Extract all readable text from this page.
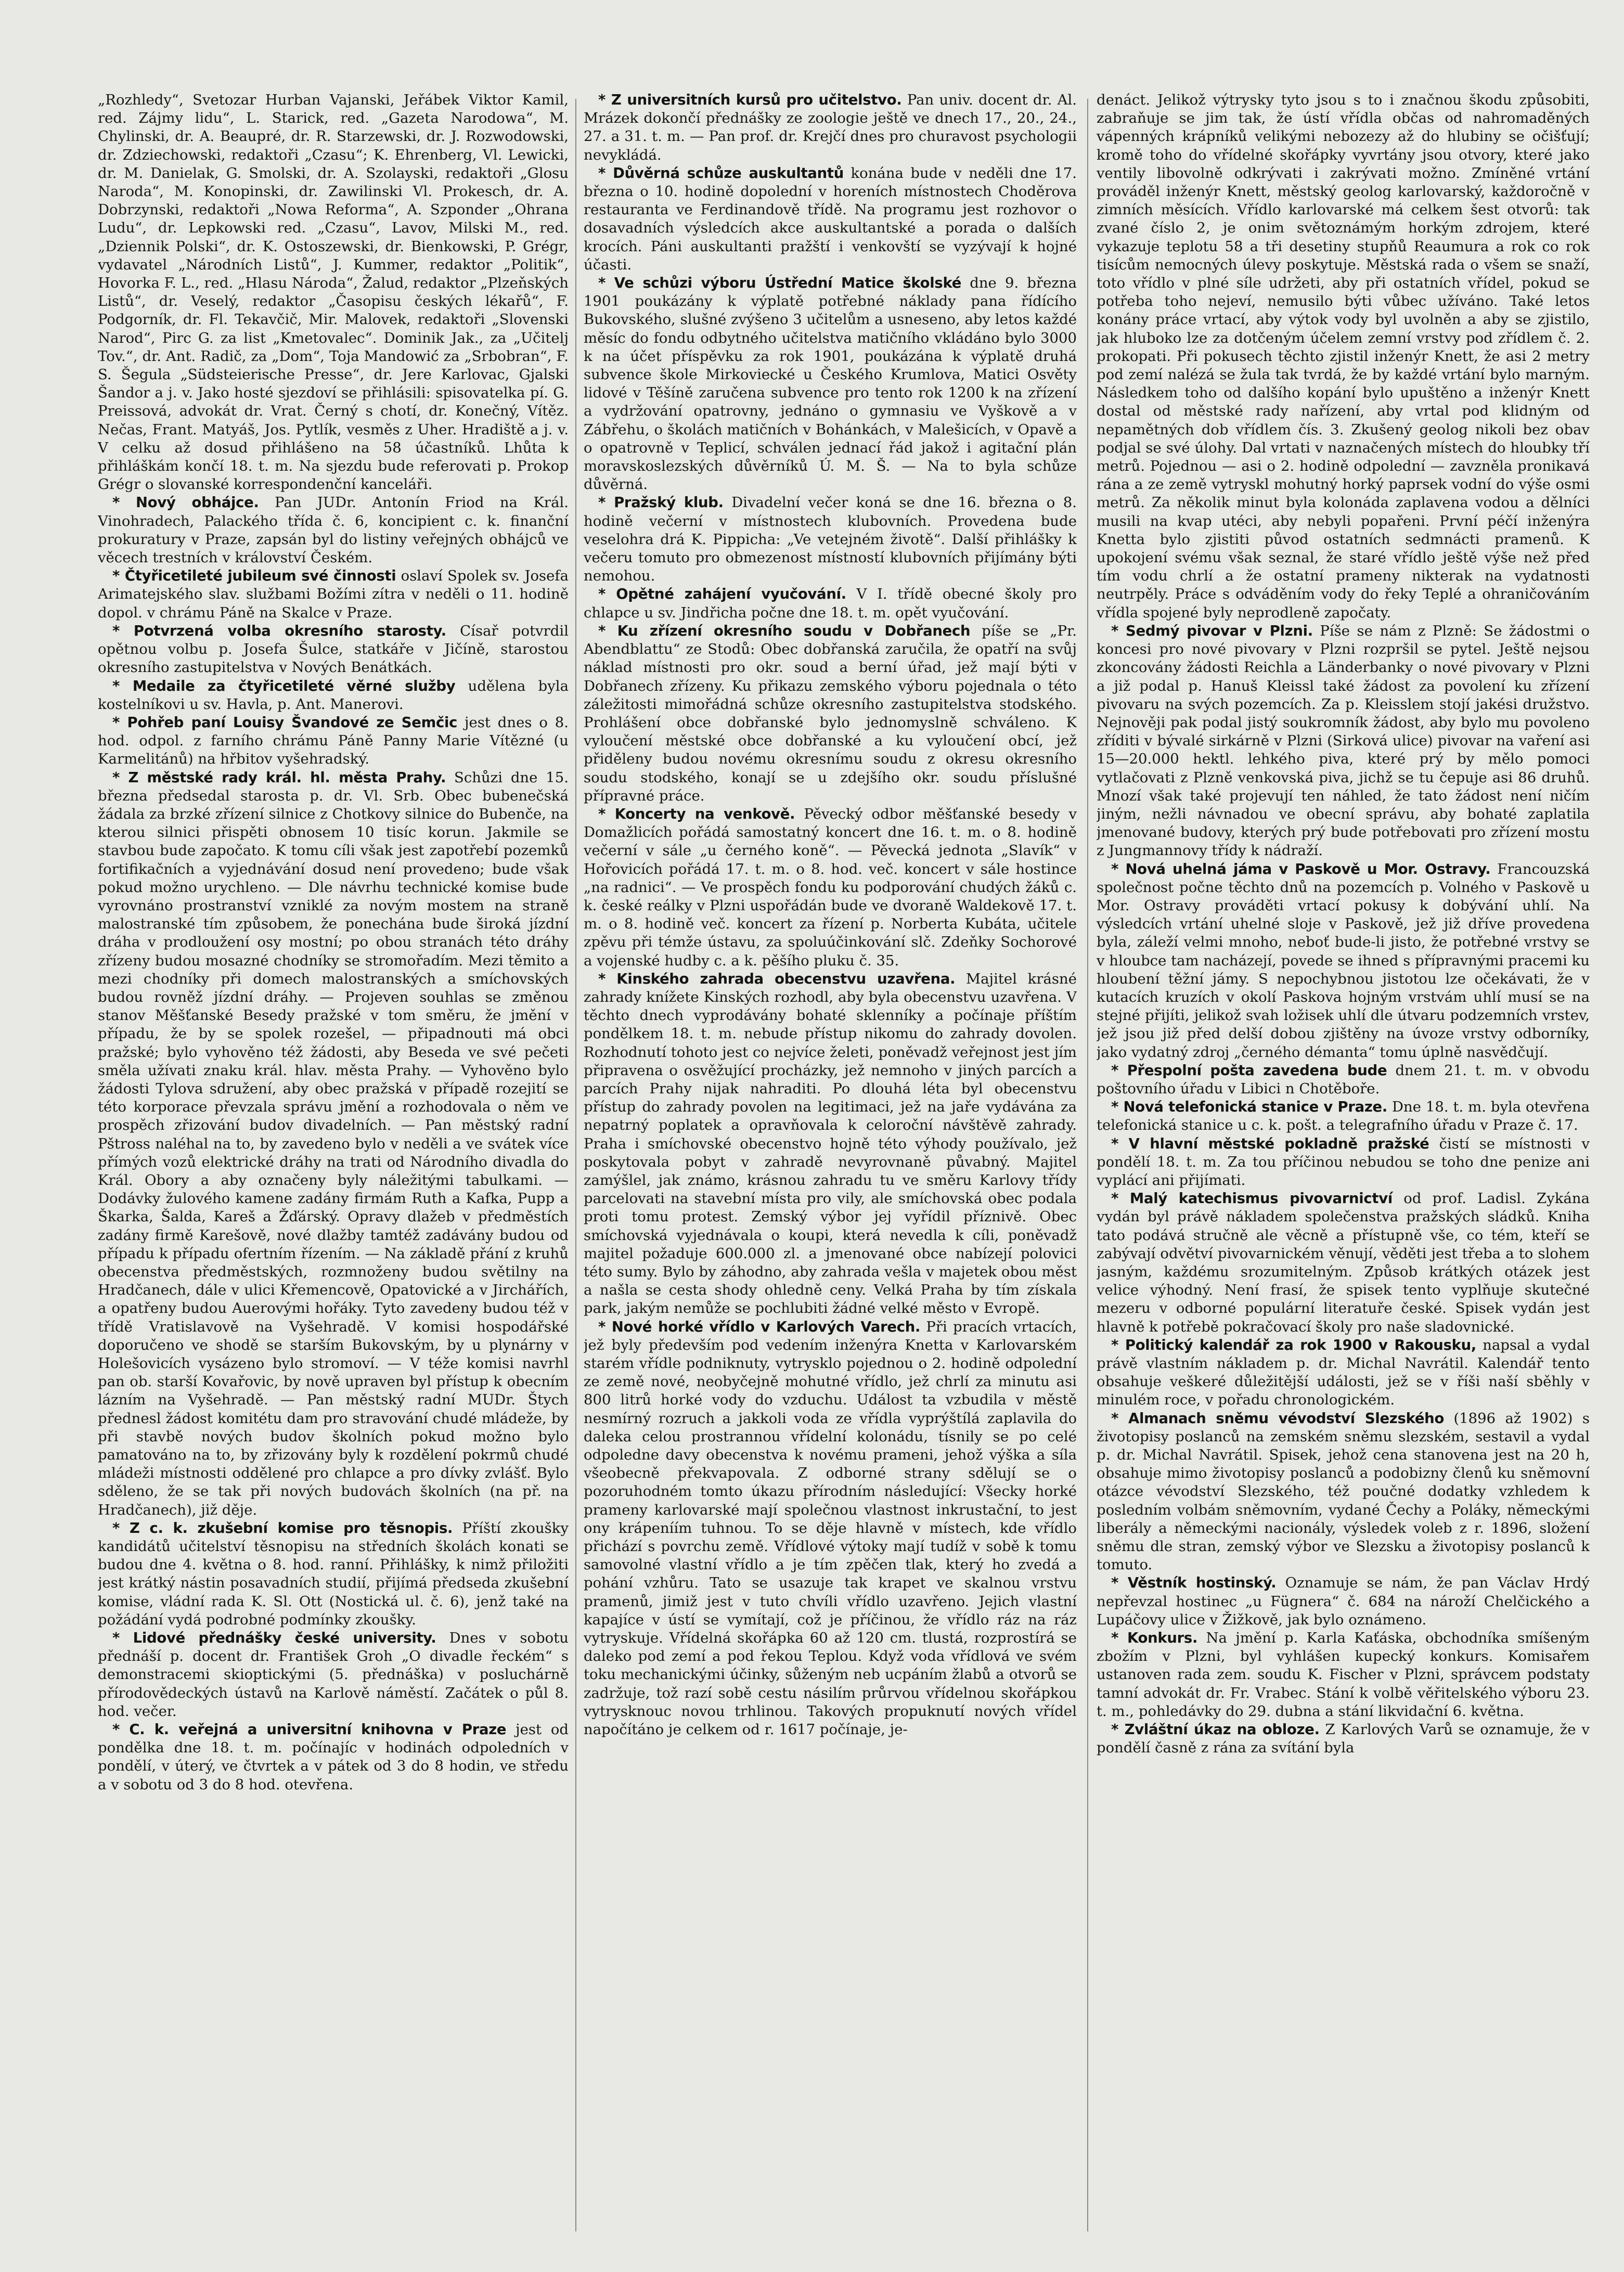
„Rozhledy“, Svetozar Hurban Vajanski, Jeřábek Viktor Kamil, red. Zájmy lidu“, L. Starick, red. „Gazeta Narodowa“, M. Chylinski, dr. A. Beaupré, dr. R. Starzewski, dr. J. Rozwodowski, dr. Zdziechowski, redaktoři „Czasu“; K. Ehrenberg, Vl. Lewicki, dr. M. Danielak, G. Smolski, dr. A. Szolayski, redaktoři „Glosu Naroda“, M. Konopinski, dr. Zawilinski Vl. Prokesch, dr. A. Dobrzynski, redaktoři „Nowa Reforma“, A. Szponder „Ohrana Ludu“, dr. Lepkowski red. „Czasu“, Lavov, Milski M., red. „Dziennik Polski“, dr. K. Ostoszewski, dr. Bienkowski, P. Grégr, vydavatel „Národních Listů“, J. Kummer, redaktor „Politik“, Hovorka F. L., red. „Hlasu Národa“, Žalud, redaktor „Plzeňských Listů“, dr. Veselý, redaktor „Časopisu českých lékařů“, F. Podgorník, dr. Fl. Tekavčič, Mir. Malovek, redaktoři „Slovenski Narod“, Pirc G. za list „Kmetovalec“. Dominik Jak., za „Učitelj Tov.“, dr. Ant. Radič, za „Dom“, Toja Mandowić za „Srbobran“, F. S. Šegula „Südsteierische Presse“, dr. Jere Karlovac, Gjalski Šandor a j. v. Jako hosté sjezdoví se přihlásili: spisovatelka pí. G. Preissová, advokát dr. Vrat. Černý s chotí, dr. Konečný, Vítěz. Nečas, Frant. Matyáš, Jos. Pytlík, vesměs z Uher. Hradiště a j. v. V celku až dosud přihlášeno na 58 účastníků. Lhůta k přihláškám končí 18. t. m. Na sjezdu bude referovati p. Prokop Grégr o slovanské korrespondenční kanceláři.

* Nový obhájce. Pan JUDr. Antonín Friod na Král. Vinohradech, Palackého třída č. 6, koncipient c. k. finanční prokuratury v Praze, zapsán byl do listiny veřejných obhájců ve věcech trestních v království Českém.

* Čtyřicetileté jubileum své činnosti oslaví Spolek sv. Josefa Arimatejského slav. službami Božími zítra v neděli o 11. hodině dopol. v chrámu Páně na Skalce v Praze.

* Potvrzená volba okresního starosty. Císař potvrdil opětnou volbu p. Josefa Šulce, statkáře v Jičíně, starostou okresního zastupitelstva v Nových Benátkách.

* Medaile za čtyřicetileté věrné služby udělena byla kostelníkovi u sv. Havla, p. Ant. Manerovi.

* Pohřeb paní Louisy Švandové ze Semčic jest dnes o 8. hod. odpol. z farního chrámu Páně Panny Marie Vítězné (u Karmelitánů) na hřbitov vyšehradský.

* Z městské rady král. hl. města Prahy. Schůzi dne 15. března předsedal starosta p. dr. Vl. Srb. Obec bubenečská žádala za brzké zřízení silnice z Chotkovy silnice do Bubenče, na kterou silnici přispěti obnosem 10 tisíc korun. Jakmile se stavbou bude započato. K tomu cíli však jest zapotřebí pozemků fortifikačních a vyjednávání dosud není provedeno; bude však pokud možno urychleno. — Dle návrhu technické komise bude vyrovnáno prostranství vzniklé za novým mostem na straně malostranské tím způsobem, že ponechána bude široká jízdní dráha v prodloužení osy mostní; po obou stranách této dráhy zřízeny budou mosazné chodníky se stromořadím. Mezi těmito a mezi chodníky při domech malostranských a smíchovských budou rovněž jízdní dráhy. — Projeven souhlas se změnou stanov Měšťanské Besedy pražské v tom směru, že jmění v případu, že by se spolek rozešel, — připadnouti má obci pražské; bylo vyhověno též žádosti, aby Beseda ve své pečeti směla užívati znaku král. hlav. města Prahy. — Vyhověno bylo žádosti Tylova sdružení, aby obec pražská v případě rozejití se této korporace převzala správu jmění a rozhodovala o něm ve prospěch zřizování budov divadelních. — Pan městský radní Pštross naléhal na to, by zavedeno bylo v neděli a ve svátek více přímých vozů elektrické dráhy na trati od Národního divadla do Král. Obory a aby označeny byly náležitými tabulkami. — Dodávky žulového kamene zadány firmám Ruth a Kafka, Pupp a Škarka, Šalda, Kareš a Žďárský. Opravy dlažeb v předměstích zadány firmě Karešově, nové dlažby tamtéž zadávány budou od případu k případu ofertním řízením. — Na základě přání z kruhů obecenstva předměstských, rozmnoženy budou světilny na Hradčanech, dále v ulici Křemencově, Opatovické a v Jirchářích, a opatřeny budou Auerovými hořáky. Tyto zavedeny budou též v třídě Vratislavově na Vyšehradě. V komisi hospodářské doporučeno ve shodě se starším Bukovským, by u plynárny v Holešovicích vysázeno bylo stromoví. — V téže komisi navrhl pan ob. starší Kovařovic, by nově upraven byl přístup k obecním lázním na Vyšehradě. — Pan městský radní MUDr. Štych přednesl žádost komitétu dam pro stravování chudé mládeže, by při stavbě nových budov školních pokud možno bylo pamatováno na to, by zřizovány byly k rozdělení pokrmů chudé mládeži místnosti oddělené pro chlapce a pro dívky zvlášť. Bylo sděleno, že se tak při nových budovách školních (na př. na Hradčanech), již děje.

* Z c. k. zkušební komise pro těsnopis. Příští zkoušky kandidátů učitelství těsnopisu na středních školách konati se budou dne 4. května o 8. hod. ranní. Přihlášky, k nimž přiložiti jest krátký nástin posavadních studií, přijímá předseda zkušební komise, vládní rada K. Sl. Ott (Nostická ul. č. 6), jenž také na požádání vydá podrobné podmínky zkoušky.

* Lidové přednášky české university. Dnes v sobotu přednáší p. docent dr. František Groh „O divadle řeckém“ s demonstracemi skioptickými (5. přednáška) v posluchárně přírodovědeckých ústavů na Karlově náměstí. Začátek o půl 8. hod. večer.

* C. k. veřejná a universitní knihovna v Praze jest od pondělka dne 18. t. m. počínajíc v hodinách odpoledních v pondělí, v úterý, ve čtvrtek a v pátek od 3 do 8 hodin, ve středu a v sobotu od 3 do 8 hod. otevřena.

* Z universitních kursů pro učitelstvo. Pan univ. docent dr. Al. Mrázek dokončí přednášky ze zoologie ještě ve dnech 17., 20., 24., 27. a 31. t. m. — Pan prof. dr. Krejčí dnes pro churavost psychologii nevykládá.

* Důvěrná schůze auskultantů konána bude v neděli dne 17. března o 10. hodině dopolední v horeních místnostech Choděrova restauranta ve Ferdinandově třídě. Na programu jest rozhovor o dosavadních výsledcích akce auskultantské a porada o dalších krocích. Páni auskultanti pražští i venkovští se vyzývají k hojné účasti.

* Ve schůzi výboru Ústřední Matice školské dne 9. března 1901 poukázány k výplatě potřebné náklady pana řídícího Bukovského, slušné zvýšeno 3 učitelům a usneseno, aby letos každé měsíc do fondu odbytného učitelstva matičního vkládáno bylo 3000 k na účet příspěvku za rok 1901, poukázána k výplatě druhá subvence škole Mirkoviecké u Českého Krumlova, Matici Osvěty lidové v Těšíně zaručena subvence pro tento rok 1200 k na zřízení a vydržování opatrovny, jednáno o gymnasiu ve Vyškově a v Zábřehu, o školách matičních v Bohánkách, v Malešicích, v Opavě a o opatrovně v Teplicí, schválen jednací řád jakož i agitační plán moravskoslezských důvěrníků Ú. M. Š. — Na to byla schůze důvěrná.

* Pražský klub. Divadelní večer koná se dne 16. března o 8. hodině večerní v místnostech klubovních. Provedena bude veselohra drá K. Pippicha: „Ve vetejném životě“. Další přihlášky k večeru tomuto pro obmezenost místností klubovních přijímány býti nemohou.

* Opětné zahájení vyučování. V I. třídě obecné školy pro chlapce u sv. Jindřicha počne dne 18. t. m. opět vyučování.

* Ku zřízení okresního soudu v Dobřanech píše se „Pr. Abendblattu“ ze Stodů: Obec dobřanská zaručila, že opatří na svůj náklad místnosti pro okr. soud a berní úřad, jež mají býti v Dobřanech zřízeny. Ku přikazu zemského výboru pojednala o této záležitosti mimořádná schůze okresního zastupitelstva stodského. Prohlášení obce dobřanské bylo jednomyslně schváleno. K vyloučení městské obce dobřanské a ku vyloučení obcí, jež přiděleny budou novému okresnímu soudu z okresu okresního soudu stodského, konají se u zdejšího okr. soudu příslušné přípravné práce.

* Koncerty na venkově. Pěvecký odbor měšťanské besedy v Domažlicích pořádá samostatný koncert dne 16. t. m. o 8. hodině večerní v sále „u černého koně“. — Pěvecká jednota „Slavík“ v Hořovicích pořádá 17. t. m. o 8. hod. več. koncert v sále hostince „na radnici“. — Ve prospěch fondu ku podporování chudých žáků c. k. české reálky v Plzni uspořádán bude ve dvoraně Waldekově 17. t. m. o 8. hodině več. koncert za řízení p. Norberta Kubáta, učitele zpěvu při témže ústavu, za spoluúčinkování slč. Zdeňky Sochorové a vojenské hudby c. a k. pěšího pluku č. 35.

* Kinského zahrada obecenstvu uzavřena. Majitel krásné zahrady knížete Kinských rozhodl, aby byla obecenstvu uzavřena. V těchto dnech vyprodávány bohaté sklenníky a počínaje příštím pondělkem 18. t. m. nebude přístup nikomu do zahrady dovolen. Rozhodnutí tohoto jest co nejvíce želeti, poněvadž veřejnost jest jím připravena o osvěžující procházky, jež nemnoho v jiných parcích a parcích Prahy nijak nahraditi. Po dlouhá léta byl obecenstvu přístup do zahrady povolen na legitimaci, jež na jaře vydávána za nepatrný poplatek a opravňovala k celoroční návštěvě zahrady. Praha i smíchovské obecenstvo hojně této výhody používalo, jež poskytovala pobyt v zahradě nevyrovnaně půvabný. Majitel zamýšlel, jak známo, krásnou zahradu tu ve směru Karlovy třídy parcelovati na stavební místa pro vily, ale smíchovská obec podala proti tomu protest. Zemský výbor jej vyřídil příznivě. Obec smíchovská vyjednávala o koupi, která nevedla k cíli, poněvadž majitel požaduje 600.000 zl. a jmenované obce nabízejí polovici této sumy. Bylo by záhodno, aby zahrada vešla v majetek obou měst a našla se cesta shody ohledně ceny. Velká Praha by tím získala park, jakým nemůže se pochlubiti žádné velké město v Evropě.

* Nové horké vřídlo v Karlových Varech. Při pracích vrtacích, jež byly především pod vedením inženýra Knetta v Karlovarském starém vřídle podniknuty, vytrysklo pojednou o 2. hodině odpolední ze země nové, neobyčejně mohutné vřídlo, jež chrlí za minutu asi 800 litrů horké vody do vzduchu. Událost ta vzbudila v městě nesmírný rozruch a jakkoli voda ze vřídla vyprýštílá zaplavila do dalekа celou prostrannou vřídelní kolonádu, tísnily se po celé odpoledne davy obecenstva k novému prameni, jehož výška a síla všeobecně překvapovala. Z odborné strany sdělují se o pozoruhodném tomto úkazu přírodním následující: Všecky horké prameny karlovarské mají společnou vlastnost inkrustační, to jest ony krápeníím tuhnou. To se děje hlavně v místech, kde vřídlo přichází s povrchu země. Vřídlové výtoky mají tudíž v sobě k tomu samovolné vlastní vřídlo a je tím zpěčen tlak, který ho zvedá a pohání vzhůru. Tato se usazuje tak krapet ve skalnou vrstvu pramenů, jimiž jest v tuto chvíli vřídlo uzavřeno. Jejich vlastní kapajíce v ústí se vymítají, což je příčinou, že vřídlo ráz na ráz vytryskuje. Vřídelná skořápka 60 až 120 cm. tlustá, rozprostírá se daleko pod zemí a pod řekou Teplou. Když voda vřídlová ve svém toku mechanickými účinky, sůženým neb ucpáním žlabů a otvorů se zadržuje, tož razí sobě cestu násilím průrvou vřídelnou skořápkou vytrysknouc novou trhlinou. Takových propuknutí nových vřídel napočítáno je celkem od r. 1617 počínaje, je-

denáct. Jelikož výtrysky tyto jsou s to i značnou škodu způsobiti, zabraňuje se jim tak, že ústí vřídla občas od nahromaděných vápenných krápníků velikými nebozezy až do hlubiny se očišťují; kromě toho do vřídelné skořápky vyvrtány jsou otvory, které jako ventily libovolně odkrývati i zakrývati možno. Zmíněné vrtání prováděl inženýr Knett, městský geolog karlovarský, každoročně v zimních měsících. Vřídlo karlovarské má celkem šest otvorů: tak zvané číslo 2, je onim světoznámým horkým zdrojem, které vykazuje teplotu 58 a tři desetiny stupňů Reaumura a rok co rok tisícům nemocných úlevy poskytuje. Městská rada o všem se snaží, toto vřídlo v plné síle udržeti, aby při ostatních vřídel, pokud se potřeba toho nejeví, nemusilo býti vůbec užíváno. Také letos konány práce vrtací, aby výtok vody byl uvolněn a aby se zjistilo, jak hluboko lze za dotčeným účelem zemní vrstvy pod zřídlem č. 2. prokopati. Při pokusech těchto zjistil inženýr Knett, že asi 2 metry pod zemí nalézá se žula tak tvrdá, že by každé vrtání bylo marným. Následkem toho od dalšího kopání bylo upuštěno a inženýr Knett dostal od městské rady nařízení, aby vrtal pod klidným od nepamětných dob vřídlem čís. 3. Zkušený geolog nikoli bez obav podjal se své úlohy. Dal vrtati v naznačených místech do hloubky tří metrů. Pojednou — asi o 2. hodině odpolední — zavzněla pronikavá rána a ze země vytryskl mohutný horký paprsek vodní do výše osmi metrů. Za několik minut byla kolonáda zaplavena vodou a dělníci musili na kvap utéci, aby nebyli popařeni. První péčí inženýra Knetta bylo zjistiti původ ostatních sedmnácti pramenů. K upokojení svému však seznal, že staré vřídlo ještě výše než před tím vodu chrlí a že ostatní prameny nikterak na vydatnosti neutrpěly. Práce s odváděním vody do řeky Teplé a ohraničováním vřídla spojené byly neprodleně započaty.

* Sedmý pivovar v Plzni. Píše se nám z Plzně: Se žádostmi o koncesi pro nové pivovary v Plzni rozpršil se pytel. Ještě nejsou zkoncovány žádosti Reichla a Länderbanky o nové pivovary v Plzni a již podal p. Hanuš Kleissl také žádost za povolení ku zřízení pivovaru na svých pozemcích. Za p. Kleisslem stojí jakési družstvo. Nejnověji pak podal jistý soukromník žádost, aby bylo mu povoleno zříditi v bývalé sirkárně v Plzni (Sirková ulice) pivovar na vaření asi 15—20.000 hektl. lehkého piva, které prý by mělo pomoci vytlačovati z Plzně venkovská piva, jichž se tu čepuje asi 86 druhů. Mnozí však také projevují ten náhled, že tato žádost není ničím jiným, nežli návnadou ve obecní správu, aby bohaté zaplatila jmenované budovy, kterých prý bude potřebovati pro zřízení mostu z Jungmannovy třídy k nádraží.

* Nová uhelná jáma v Paskově u Mor. Ostravy. Francouzská společnost počne těchto dnů na pozemcích p. Volného v Paskově u Mor. Ostravy prováděti vrtací pokusy k dobývání uhlí. Na výsledcích vrtání uhelné sloje v Paskově, jež již dříve provedena byla, záleží velmi mnoho, neboť bude-li jisto, že potřebné vrstvy se v hloubce tam nacházejí, povede se ihned s přípravnými pracemi ku hloubení těžní jámy. S nepochybnou jistotou lze očekávati, že v kutacích kruzích v okolí Paskova hojným vrstvám uhlí musí se na stejné přijíti, jelikož svah ložisek uhlí dle útvaru podzemních vrstev, jež jsou již před delší dobou zjištěny na úvoze vrstvy odborníky, jako vydatný zdroj „černého démanta“ tomu úplně nasvědčují.

* Přespolní pošta zavedena bude dnem 21. t. m. v obvodu poštovního úřadu v Libici n Chotěboře.

* Nová telefonická stanice v Praze. Dne 18. t. m. byla otevřena telefonická stanice u c. k. pošt. a telegrafního úřadu v Praze č. 17.

* V hlavní městské pokladně pražské čistí se místnosti v pondělí 18. t. m. Za tou příčinou nebudou se toho dne penize ani vyplácí ani přijímati.

* Malý katechismus pivovarnictví od prof. Ladisl. Zykána vydán byl právě nákladem společenstva pražských sládků. Kniha tato podává stručně ale věcně a přístupně vše, co tém, kteří se zabývají odvětví pivovarnickém věnují, věděti jest třeba a to slohem jasným, každému srozumitelným. Způsob krátkých otázek jest velice výhodný. Není frasí, že spisek tento vyplňuje skutečné mezeru v odborné populární literatuře české. Spisek vydán jest hlavně k potřebě pokračovací školy pro naše sladovnické.

* Politický kalendář za rok 1900 v Rakousku, napsal a vydal právě vlastním nákladem p. dr. Michal Navrátil. Kalendář tento obsahuje veškeré důležitější události, jež se v říši naší sběhly v minulém roce, v pořadu chronologickém.

* Almanach sněmu vévodství Slezského (1896 až 1902) s životopisy poslanců na zemském sněmu slezském, sestavil a vydal p. dr. Michal Navrátil. Spisek, jehož cena stanovena jest na 20 h, obsahuje mimo životopisy poslanců a podobizny členů ku sněmovní otázce vévodství Slezského, též poučné dodatky vzhledem k posledním volbám sněmovním, vydané Čechy a Poláky, německými liberály a německými nacionály, výsledek voleb z r. 1896, složení sněmu dle stran, zemský výbor ve Slezsku a životopisy poslanců k tomuto.

* Věstník hostinský. Oznamuje se nám, že pan Václav Hrdý nepřevzal hostinec „u Fügnera“ č. 684 na nároží Chelčického a Lupáčovy ulice v Žižkově, jak bylo oznámeno.

* Konkurs. Na jmění p. Karla Kaťáska, obchodníka smíšeným zbožím v Plzni, byl vyhlášen kupecký konkurs. Komisařem ustanoven rada zem. soudu K. Fischer v Plzni, správcem podstaty tamní advokát dr. Fr. Vrabec. Stání k volbě věřitelského výboru 23. t. m., pohledávky do 29. dubna a stání likvidační 6. května.

* Zvláštní úkaz na obloze. Z Karlových Varů se oznamuje, že v pondělí časně z rána za svítání byla
